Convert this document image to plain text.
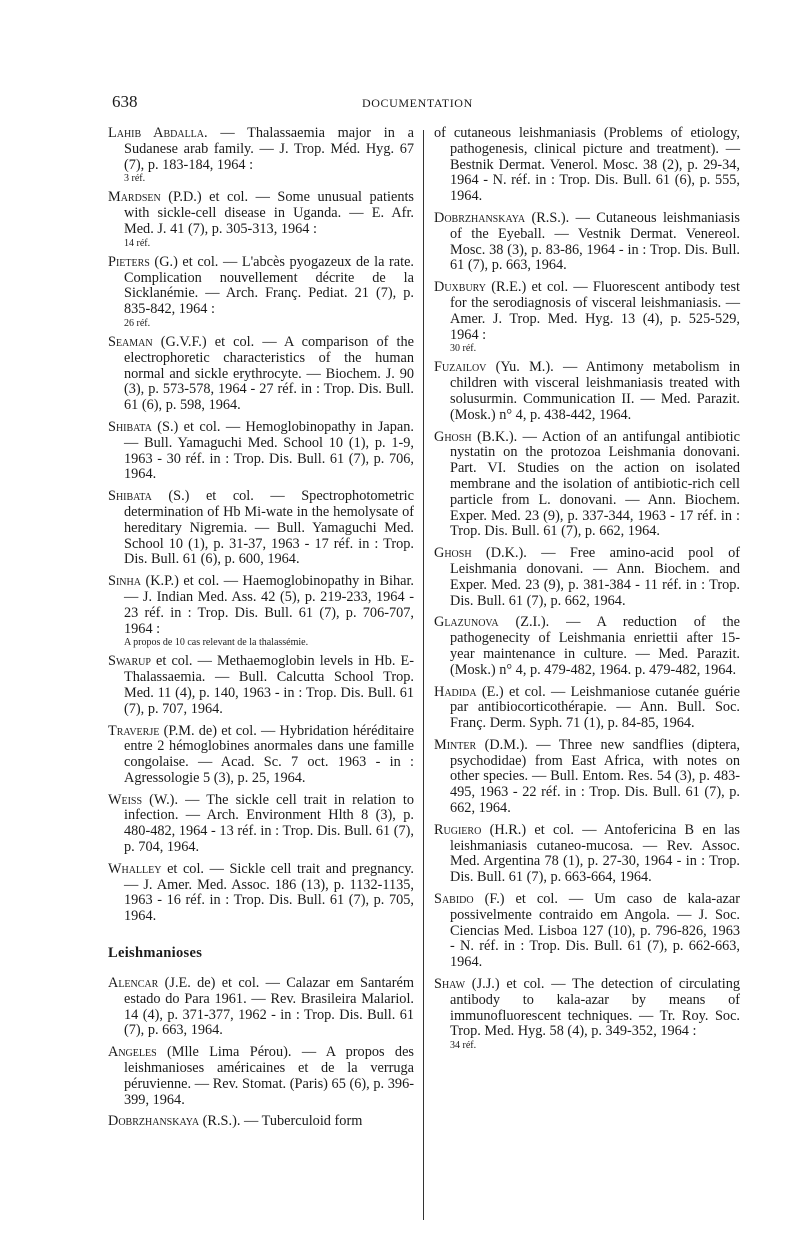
638	DOCUMENTATION
Lahib Abdalla. — Thalassaemia major in a Sudanese arab family. — J. Trop. Méd. Hyg. 67 (7), p. 183-184, 1964 :
3 réf.
Mardsen (P.D.) et col. — Some unusual patients with sickle-cell disease in Uganda. — E. Afr. Med. J. 41 (7), p. 305-313, 1964 :
14 réf.
Pieters (G.) et col. — L'abcès pyogazeux de la rate. Complication nouvellement décrite de la Sicklanémie. — Arch. Franç. Pediat. 21 (7), p. 835-842, 1964 :
26 réf.
Seaman (G.V.F.) et col. — A comparison of the electrophoretic characteristics of the human normal and sickle erythrocyte. — Biochem. J. 90 (3), p. 573-578, 1964 - 27 réf. in : Trop. Dis. Bull. 61 (6), p. 598, 1964.
Shibata (S.) et col. — Hemoglobinopathy in Japan. — Bull. Yamaguchi Med. School 10 (1), p. 1-9, 1963 - 30 réf. in : Trop. Dis. Bull. 61 (7), p. 706, 1964.
Shibata (S.) et col. — Spectrophotometric determination of Hb Mi-wate in the hemolysate of hereditary Nigremia. — Bull. Yamaguchi Med. School 10 (1), p. 31-37, 1963 - 17 réf. in : Trop. Dis. Bull. 61 (6), p. 600, 1964.
Sinha (K.P.) et col. — Haemoglobinopathy in Bihar. — J. Indian Med. Ass. 42 (5), p. 219-233, 1964 - 23 réf. in : Trop. Dis. Bull. 61 (7), p. 706-707, 1964 :
A propos de 10 cas relevant de la thalassémie.
Swarup et col. — Methaemoglobin levels in Hb. E-Thalassaemia. — Bull. Calcutta School Trop. Med. 11 (4), p. 140, 1963 - in : Trop. Dis. Bull. 61 (7), p. 707, 1964.
Traverje (P.M. de) et col. — Hybridation héréditaire entre 2 hémoglobines anormales dans une famille congolaise. — Acad. Sc. 7 oct. 1963 - in : Agressologie 5 (3), p. 25, 1964.
Weiss (W.). — The sickle cell trait in relation to infection. — Arch. Environment Hlth 8 (3), p. 480-482, 1964 - 13 réf. in : Trop. Dis. Bull. 61 (7), p. 704, 1964.
Whalley et col. — Sickle cell trait and pregnancy. — J. Amer. Med. Assoc. 186 (13), p. 1132-1135, 1963 - 16 réf. in : Trop. Dis. Bull. 61 (7), p. 705, 1964.
Leishmanioses
Alencar (J.E. de) et col. — Calazar em Santarém estado do Para 1961. — Rev. Brasileira Malariol. 14 (4), p. 371-377, 1962 - in : Trop. Dis. Bull. 61 (7), p. 663, 1964.
Angeles (Mlle Lima Pérou). — A propos des leishmanioses américaines et de la verruga péruvienne. — Rev. Stomat. (Paris) 65 (6), p. 396-399, 1964.
Dobrzhanskaya (R.S.). — Tuberculoid form
of cutaneous leishmaniasis (Problems of etiology, pathogenesis, clinical picture and treatment). — Bestnik Dermat. Venerol. Mosc. 38 (2), p. 29-34, 1964 - N. réf. in : Trop. Dis. Bull. 61 (6), p. 555, 1964.
Dobrzhanskaya (R.S.). — Cutaneous leishmaniasis of the Eyeball. — Vestnik Dermat. Venereol. Mosc. 38 (3), p. 83-86, 1964 - in : Trop. Dis. Bull. 61 (7), p. 663, 1964.
Duxbury (R.E.) et col. — Fluorescent antibody test for the serodiagnosis of visceral leishmaniasis. — Amer. J. Trop. Med. Hyg. 13 (4), p. 525-529, 1964 :
30 réf.
Fuzailov (Yu. M.). — Antimony metabolism in children with visceral leishmaniasis treated with solusurmin. Communication II. — Med. Parazit. (Mosk.) n° 4, p. 438-442, 1964.
Ghosh (B.K.). — Action of an antifungal antibiotic nystatin on the protozoa Leishmania donovani. Part. VI. Studies on the action on isolated membrane and the isolation of antibiotic-rich cell particle from L. donovani. — Ann. Biochem. Exper. Med. 23 (9), p. 337-344, 1963 - 17 réf. in : Trop. Dis. Bull. 61 (7), p. 662, 1964.
Ghosh (D.K.). — Free amino-acid pool of Leishmania donovani. — Ann. Biochem. and Exper. Med. 23 (9), p. 381-384 - 11 réf. in : Trop. Dis. Bull. 61 (7), p. 662, 1964.
Glazunova (Z.I.). — A reduction of the pathogenecity of Leishmania enriettii after 15-year maintenance in culture. — Med. Parazit. (Mosk.) n° 4, p. 479-482, 1964. p. 479-482, 1964.
Hadida (E.) et col. — Leishmaniose cutanée guérie par antibiocorticothérapie. — Ann. Bull. Soc. Franç. Derm. Syph. 71 (1), p. 84-85, 1964.
Minter (D.M.). — Three new sandflies (diptera, psychodidae) from East Africa, with notes on other species. — Bull. Entom. Res. 54 (3), p. 483-495, 1963 - 22 réf. in : Trop. Dis. Bull. 61 (7), p. 662, 1964.
Rugiero (H.R.) et col. — Antofericina B en las leishmaniasis cutaneo-mucosa. — Rev. Assoc. Med. Argentina 78 (1), p. 27-30, 1964 - in : Trop. Dis. Bull. 61 (7), p. 663-664, 1964.
Sabido (F.) et col. — Um caso de kala-azar possivelmente contraido em Angola. — J. Soc. Ciencias Med. Lisboa 127 (10), p. 796-826, 1963 - N. réf. in : Trop. Dis. Bull. 61 (7), p. 662-663, 1964.
Shaw (J.J.) et col. — The detection of circulating antibody to kala-azar by means of immunofluorescent techniques. — Tr. Roy. Soc. Trop. Med. Hyg. 58 (4), p. 349-352, 1964 :
34 réf.
